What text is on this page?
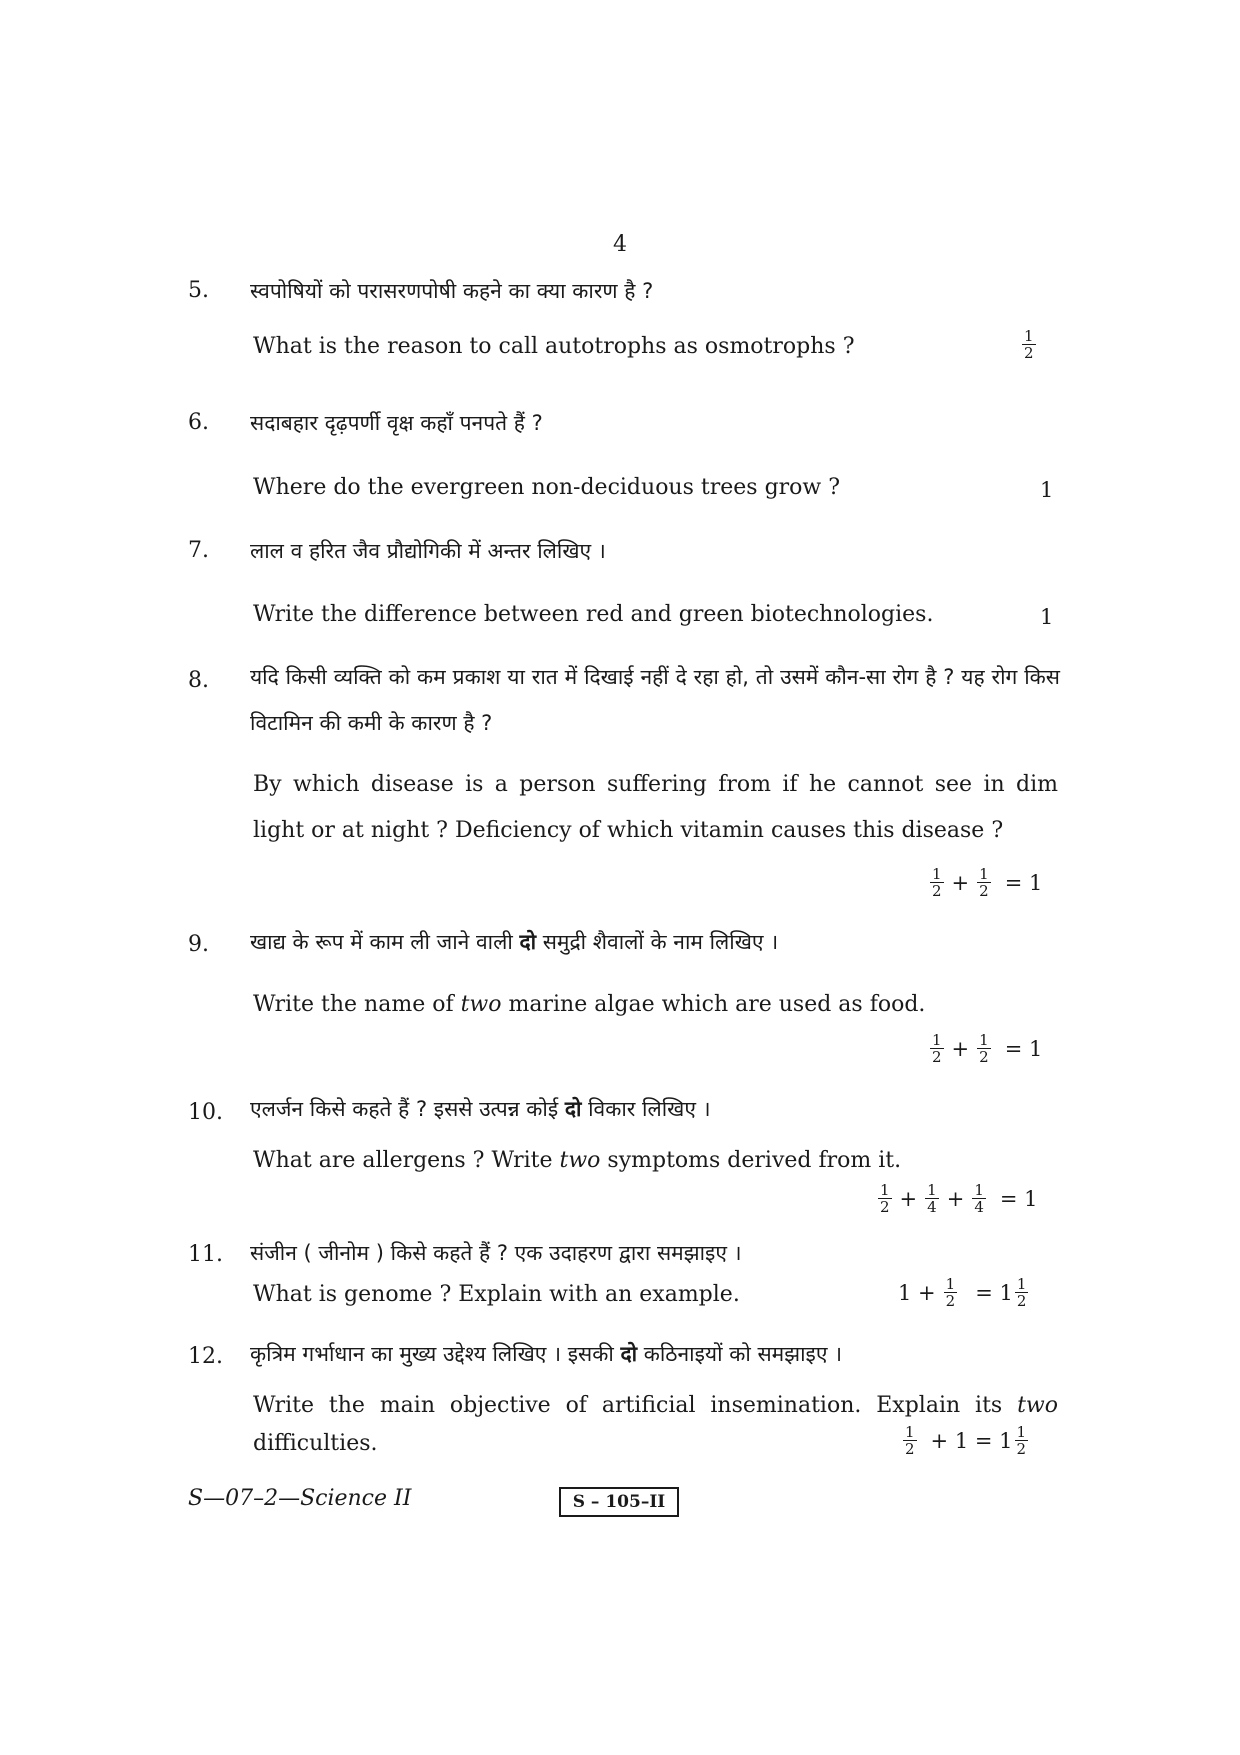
4
5. स्वपोषियों को परासरणपोषी कहने का क्या कारण है ?
What is the reason to call autotrophs as osmotrophs ?	$\frac{1}{2}$
6. सदाबहार दृढ़पर्णी वृक्ष कहाँ पनपते हैं ?
Where do the evergreen non-deciduous trees grow ?	1
7. लाल व हरित जैव प्रौद्योगिकी में अन्तर लिखिए ।
Write the difference between red and green biotechnologies.	1
8. यदि किसी व्यक्ति को कम प्रकाश या रात में दिखाई नहीं दे रहा हो, तो उसमें कौन-सा रोग है ? यह रोग किस विटामिन की कमी के कारण है ?
By which disease is a person suffering from if he cannot see in dim light or at night ? Deficiency of which vitamin causes this disease ?
$\frac{1}{2} + \frac{1}{2} = 1$
9. खाद्य के रूप में काम ली जाने वाली दो समुद्री शैवालों के नाम लिखिए ।
Write the name of two marine algae which are used as food.
$\frac{1}{2} + \frac{1}{2} = 1$
10. एलर्जन किसे कहते हैं ? इससे उत्पन्न कोई दो विकार लिखिए ।
What are allergens ? Write two symptoms derived from it.
$\frac{1}{2} + \frac{1}{4} + \frac{1}{4} = 1$
11. संजीन ( जीनोम ) किसे कहते हैं ? एक उदाहरण द्वारा समझाइए ।
What is genome ? Explain with an example.	$1 + \frac{1}{2} = 1 \frac{1}{2}$
12. कृत्रिम गर्भाधान का मुख्य उद्देश्य लिखिए । इसकी दो कठिनाइयों को समझाइए ।
Write the main objective of artificial insemination. Explain its two difficulties.	$\frac{1}{2} + 1 = 1 \frac{1}{2}$
S—07–2—Science II	S – 105–II
